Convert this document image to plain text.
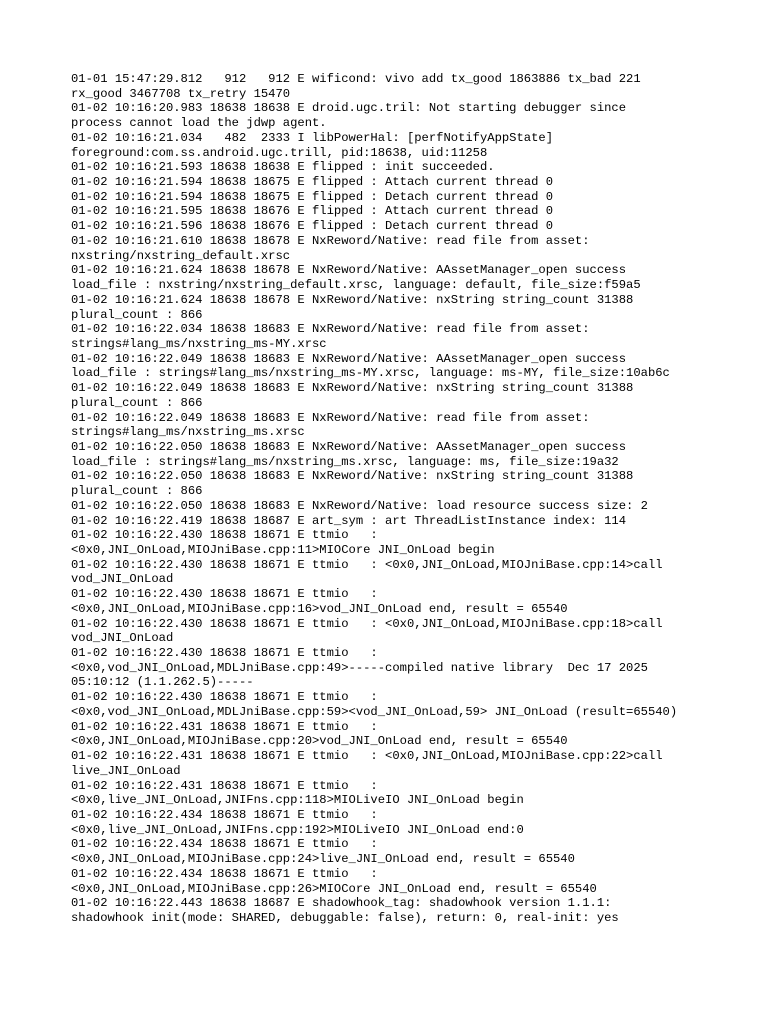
01-01 15:47:29.812   912   912 E wificond: vivo add tx_good 1863886 tx_bad 221
rx_good 3467708 tx_retry 15470
01-02 10:16:20.983 18638 18638 E droid.ugc.tril: Not starting debugger since
process cannot load the jdwp agent.
01-02 10:16:21.034   482  2333 I libPowerHal: [perfNotifyAppState]
foreground:com.ss.android.ugc.trill, pid:18638, uid:11258
01-02 10:16:21.593 18638 18638 E flipped : init succeeded.
01-02 10:16:21.594 18638 18675 E flipped : Attach current thread 0
01-02 10:16:21.594 18638 18675 E flipped : Detach current thread 0
01-02 10:16:21.595 18638 18676 E flipped : Attach current thread 0
01-02 10:16:21.596 18638 18676 E flipped : Detach current thread 0
01-02 10:16:21.610 18638 18678 E NxReword/Native: read file from asset:
nxstring/nxstring_default.xrsc
01-02 10:16:21.624 18638 18678 E NxReword/Native: AAssetManager_open success
load_file : nxstring/nxstring_default.xrsc, language: default, file_size:f59a5
01-02 10:16:21.624 18638 18678 E NxReword/Native: nxString string_count 31388
plural_count : 866
01-02 10:16:22.034 18638 18683 E NxReword/Native: read file from asset:
strings#lang_ms/nxstring_ms-MY.xrsc
01-02 10:16:22.049 18638 18683 E NxReword/Native: AAssetManager_open success
load_file : strings#lang_ms/nxstring_ms-MY.xrsc, language: ms-MY, file_size:10ab6c
01-02 10:16:22.049 18638 18683 E NxReword/Native: nxString string_count 31388
plural_count : 866
01-02 10:16:22.049 18638 18683 E NxReword/Native: read file from asset:
strings#lang_ms/nxstring_ms.xrsc
01-02 10:16:22.050 18638 18683 E NxReword/Native: AAssetManager_open success
load_file : strings#lang_ms/nxstring_ms.xrsc, language: ms, file_size:19a32
01-02 10:16:22.050 18638 18683 E NxReword/Native: nxString string_count 31388
plural_count : 866
01-02 10:16:22.050 18638 18683 E NxReword/Native: load resource success size: 2
01-02 10:16:22.419 18638 18687 E art_sym : art ThreadListInstance index: 114
01-02 10:16:22.430 18638 18671 E ttmio   :
<0x0,JNI_OnLoad,MIOJniBase.cpp:11>MIOCore JNI_OnLoad begin
01-02 10:16:22.430 18638 18671 E ttmio   : <0x0,JNI_OnLoad,MIOJniBase.cpp:14>call
vod_JNI_OnLoad
01-02 10:16:22.430 18638 18671 E ttmio   :
<0x0,JNI_OnLoad,MIOJniBase.cpp:16>vod_JNI_OnLoad end, result = 65540
01-02 10:16:22.430 18638 18671 E ttmio   : <0x0,JNI_OnLoad,MIOJniBase.cpp:18>call
vod_JNI_OnLoad
01-02 10:16:22.430 18638 18671 E ttmio   :
<0x0,vod_JNI_OnLoad,MDLJniBase.cpp:49>-----compiled native library  Dec 17 2025
05:10:12 (1.1.262.5)-----
01-02 10:16:22.430 18638 18671 E ttmio   :
<0x0,vod_JNI_OnLoad,MDLJniBase.cpp:59><vod_JNI_OnLoad,59> JNI_OnLoad (result=65540)
01-02 10:16:22.431 18638 18671 E ttmio   :
<0x0,JNI_OnLoad,MIOJniBase.cpp:20>vod_JNI_OnLoad end, result = 65540
01-02 10:16:22.431 18638 18671 E ttmio   : <0x0,JNI_OnLoad,MIOJniBase.cpp:22>call
live_JNI_OnLoad
01-02 10:16:22.431 18638 18671 E ttmio   :
<0x0,live_JNI_OnLoad,JNIFns.cpp:118>MIOLiveIO JNI_OnLoad begin
01-02 10:16:22.434 18638 18671 E ttmio   :
<0x0,live_JNI_OnLoad,JNIFns.cpp:192>MIOLiveIO JNI_OnLoad end:0
01-02 10:16:22.434 18638 18671 E ttmio   :
<0x0,JNI_OnLoad,MIOJniBase.cpp:24>live_JNI_OnLoad end, result = 65540
01-02 10:16:22.434 18638 18671 E ttmio   :
<0x0,JNI_OnLoad,MIOJniBase.cpp:26>MIOCore JNI_OnLoad end, result = 65540
01-02 10:16:22.443 18638 18687 E shadowhook_tag: shadowhook version 1.1.1:
shadowhook init(mode: SHARED, debuggable: false), return: 0, real-init: yes
